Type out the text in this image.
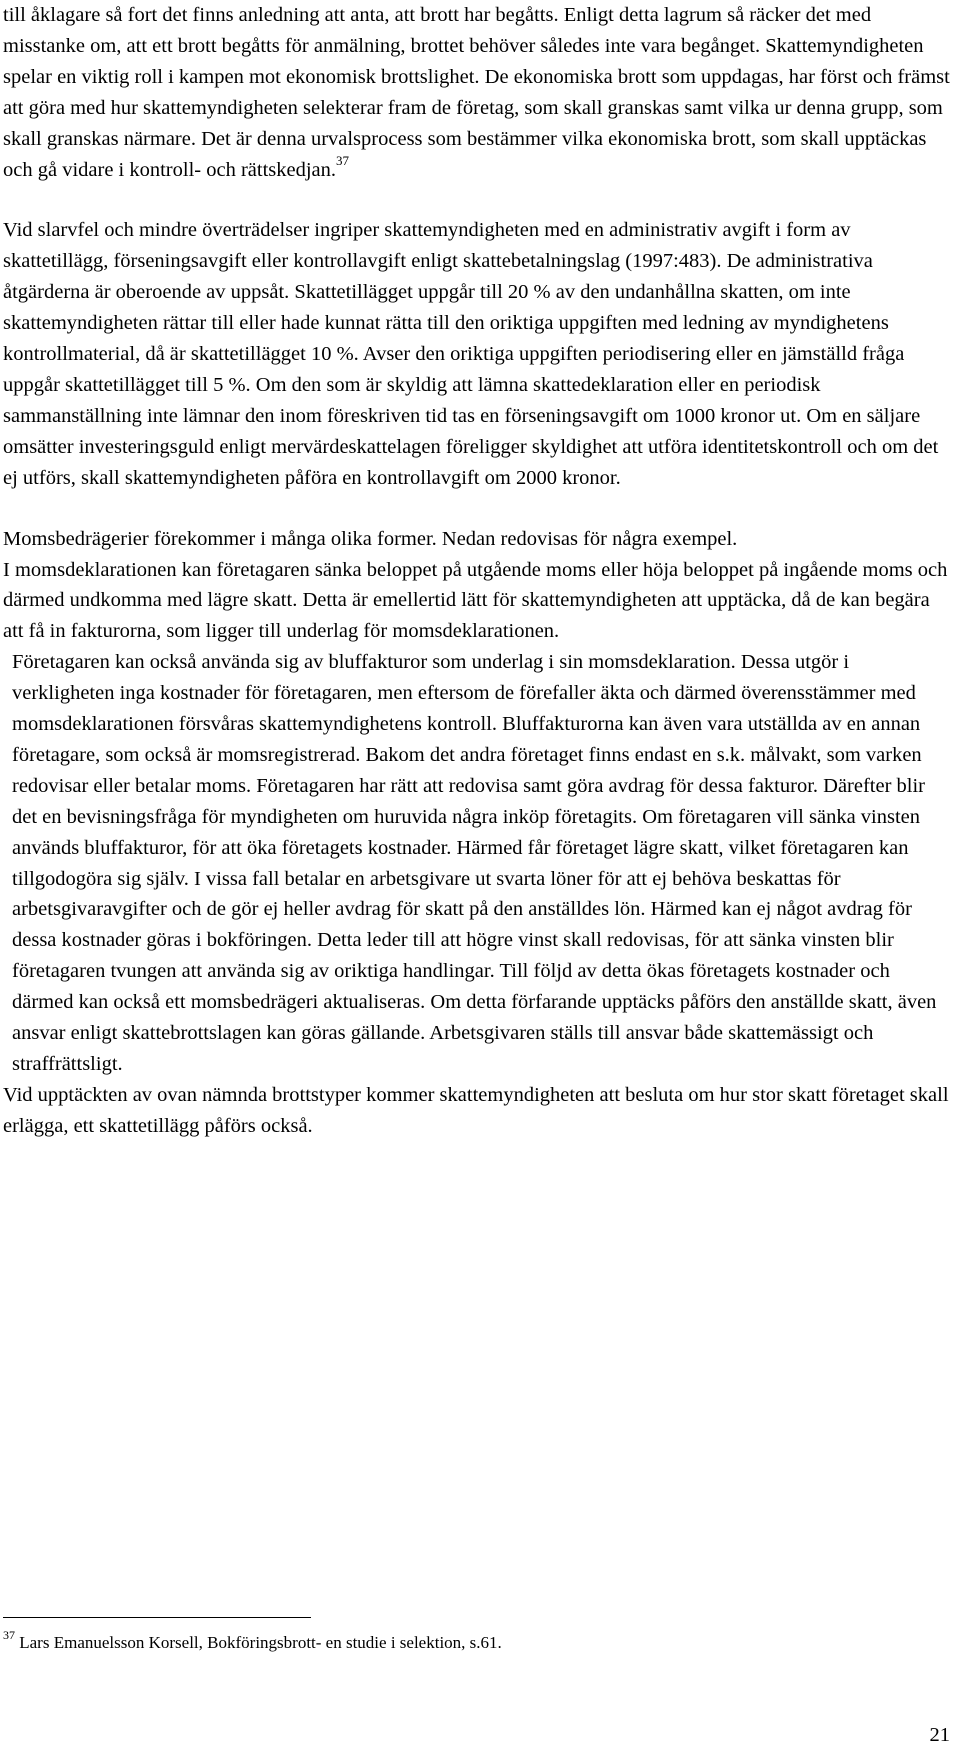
till åklagare så fort det finns anledning att anta, att brott har begåtts. Enligt detta lagrum så räcker det med misstanke om, att ett brott begåtts för anmälning, brottet behöver således inte vara begånget. Skattemyndigheten spelar en viktig roll i kampen mot ekonomisk brottslighet. De ekonomiska brott som uppdagas, har först och främst att göra med hur skattemyndigheten selekterar fram de företag, som skall granskas samt vilka ur denna grupp, som skall granskas närmare. Det är denna urvalsprocess som bestämmer vilka ekonomiska brott, som skall upptäckas och gå vidare i kontroll- och rättskedjan.$^{37}$

Vid slarvfel och mindre överträdelser ingriper skattemyndigheten med en administrativ avgift i form av skattetillägg, förseningsavgift eller kontrollavgift enligt skattebetalningslag (1997:483). De administrativa åtgärderna är oberoende av uppsåt. Skattetillägget uppgår till 20 % av den undanhållna skatten, om inte skattemyndigheten rättar till eller hade kunnat rätta till den oriktiga uppgiften med ledning av myndighetens kontrollmaterial, då är skattetillägget 10 %. Avser den oriktiga uppgiften periodisering eller en jämställd fråga uppgår skattetillägget till 5 %. Om den som är skyldig att lämna skattedeklaration eller en periodisk sammanställning inte lämnar den inom föreskriven tid tas en förseningsavgift om 1000 kronor ut. Om en säljare omsätter investeringsguld enligt mervärdeskattelagen föreligger skyldighet att utföra identitetskontroll och om det ej utförs, skall skattemyndigheten påföra en kontrollavgift om 2000 kronor.

Momsbedrägerier förekommer i många olika former. Nedan redovisas för några exempel.

I momsdeklarationen kan företagaren sänka beloppet på utgående moms eller höja beloppet på ingående moms och därmed undkomma med lägre skatt. Detta är emellertid lätt för skattemyndigheten att upptäcka, då de kan begära att få in fakturorna, som ligger till underlag för momsdeklarationen.

Företagaren kan också använda sig av bluffakturor som underlag i sin momsdeklaration. Dessa utgör i verkligheten inga kostnader för företagaren, men eftersom de förefaller äkta och därmed överensstämmer med momsdeklarationen försvåras skattemyndighetens kontroll. Bluffakturorna kan även vara utställda av en annan företagare, som också är momsregistrerad. Bakom det andra företaget finns endast en s.k. målvakt, som varken redovisar eller betalar moms. Företagaren har rätt att redovisa samt göra avdrag för dessa fakturor. Därefter blir det en bevisningsfråga för myndigheten om huruvida några inköp företagits. Om företagaren vill sänka vinsten används bluffakturor, för att öka företagets kostnader. Härmed får företaget lägre skatt, vilket företagaren kan tillgodogöra sig själv. I vissa fall betalar en arbetsgivare ut svarta löner för att ej behöva beskattas för arbetsgivaravgifter och de gör ej heller avdrag för skatt på den anställdes lön. Härmed kan ej något avdrag för dessa kostnader göras i bokföringen. Detta leder till att högre vinst skall redovisas, för att sänka vinsten blir företagaren tvungen att använda sig av oriktiga handlingar. Till följd av detta ökas företagets kostnader och därmed kan också ett momsbedrägeri aktualiseras. Om detta förfarande upptäcks påförs den anställde skatt, även ansvar enligt skattebrottslagen kan göras gällande. Arbetsgivaren ställs till ansvar både skattemässigt och straffrättsligt.

Vid upptäckten av ovan nämnda brottstyper kommer skattemyndigheten att besluta om hur stor skatt företaget skall erlägga, ett skattetillägg påförs också.

$^{37}$ Lars Emanuelsson Korsell, Bokföringsbrott- en studie i selektion, s.61.
21
